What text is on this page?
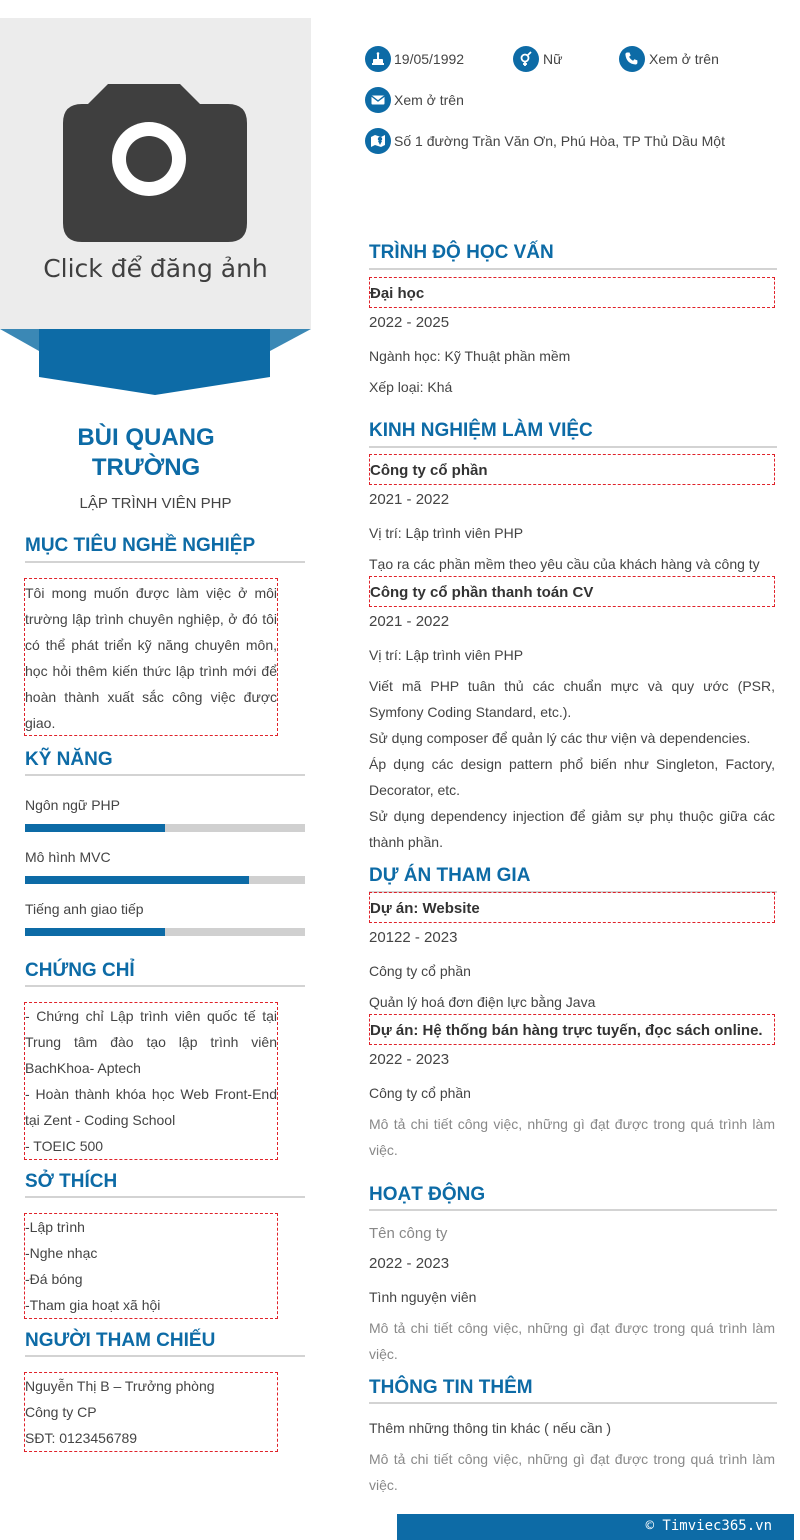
Click để đăng ảnh
BÙI QUANG TRƯỜNG
LẬP TRÌNH VIÊN PHP
MỤC TIÊU NGHỀ NGHIỆP
Tôi mong muốn được làm việc ở môi trường lập trình chuyên nghiệp, ở đó tôi có thể phát triển kỹ năng chuyên môn, học hỏi thêm kiến thức lập trình mới để hoàn thành xuất sắc công việc được giao.
KỸ NĂNG
Ngôn ngữ PHP
Mô hình MVC
Tiếng anh giao tiếp
CHỨNG CHỈ
- Chứng chỉ Lập trình viên quốc tế tại Trung tâm đào tạo lập trình viên BachKhoa- Aptech
- Hoàn thành khóa học Web Front-End tại Zent - Coding School
- TOEIC 500
SỞ THÍCH
-Lập trình
-Nghe nhạc
-Đá bóng
-Tham gia hoạt xã hội
NGƯỜI THAM CHIẾU
Nguyễn Thị B – Trưởng phòng
Công ty CP
SĐT: 0123456789
19/05/1992	Nữ	Xem ở trên
Xem ở trên
Số 1 đường Trần Văn Ơn, Phú Hòa, TP Thủ Dầu Một
TRÌNH ĐỘ HỌC VẤN
Đại học
2022 - 2025
Ngành học: Kỹ Thuật phần mềm
Xếp loại: Khá
KINH NGHIỆM LÀM VIỆC
Công ty cổ phần
2021 - 2022
Vị trí: Lập trình viên PHP
Tạo ra các phần mềm theo yêu cầu của khách hàng và công ty
Công ty cổ phần thanh toán CV
2021 - 2022
Vị trí: Lập trình viên PHP
Viết mã PHP tuân thủ các chuẩn mực và quy ước (PSR, Symfony Coding Standard, etc.).
Sử dụng composer để quản lý các thư viện và dependencies.
Áp dụng các design pattern phổ biến như Singleton, Factory, Decorator, etc.
Sử dụng dependency injection để giảm sự phụ thuộc giữa các thành phần.
DỰ ÁN THAM GIA
Dự án: Website
20122 - 2023
Công ty cổ phần
Quản lý hoá đơn điện lực bằng Java
Dự án: Hệ thống bán hàng trực tuyến, đọc sách online.
2022 - 2023
Công ty cổ phần
Mô tả chi tiết công việc, những gì đạt được trong quá trình làm việc.
HOẠT ĐỘNG
Tên công ty
2022 - 2023
Tình nguyện viên
Mô tả chi tiết công việc, những gì đạt được trong quá trình làm việc.
THÔNG TIN THÊM
Thêm những thông tin khác ( nếu cần )
Mô tả chi tiết công việc, những gì đạt được trong quá trình làm việc.
© Timviec365.vn
